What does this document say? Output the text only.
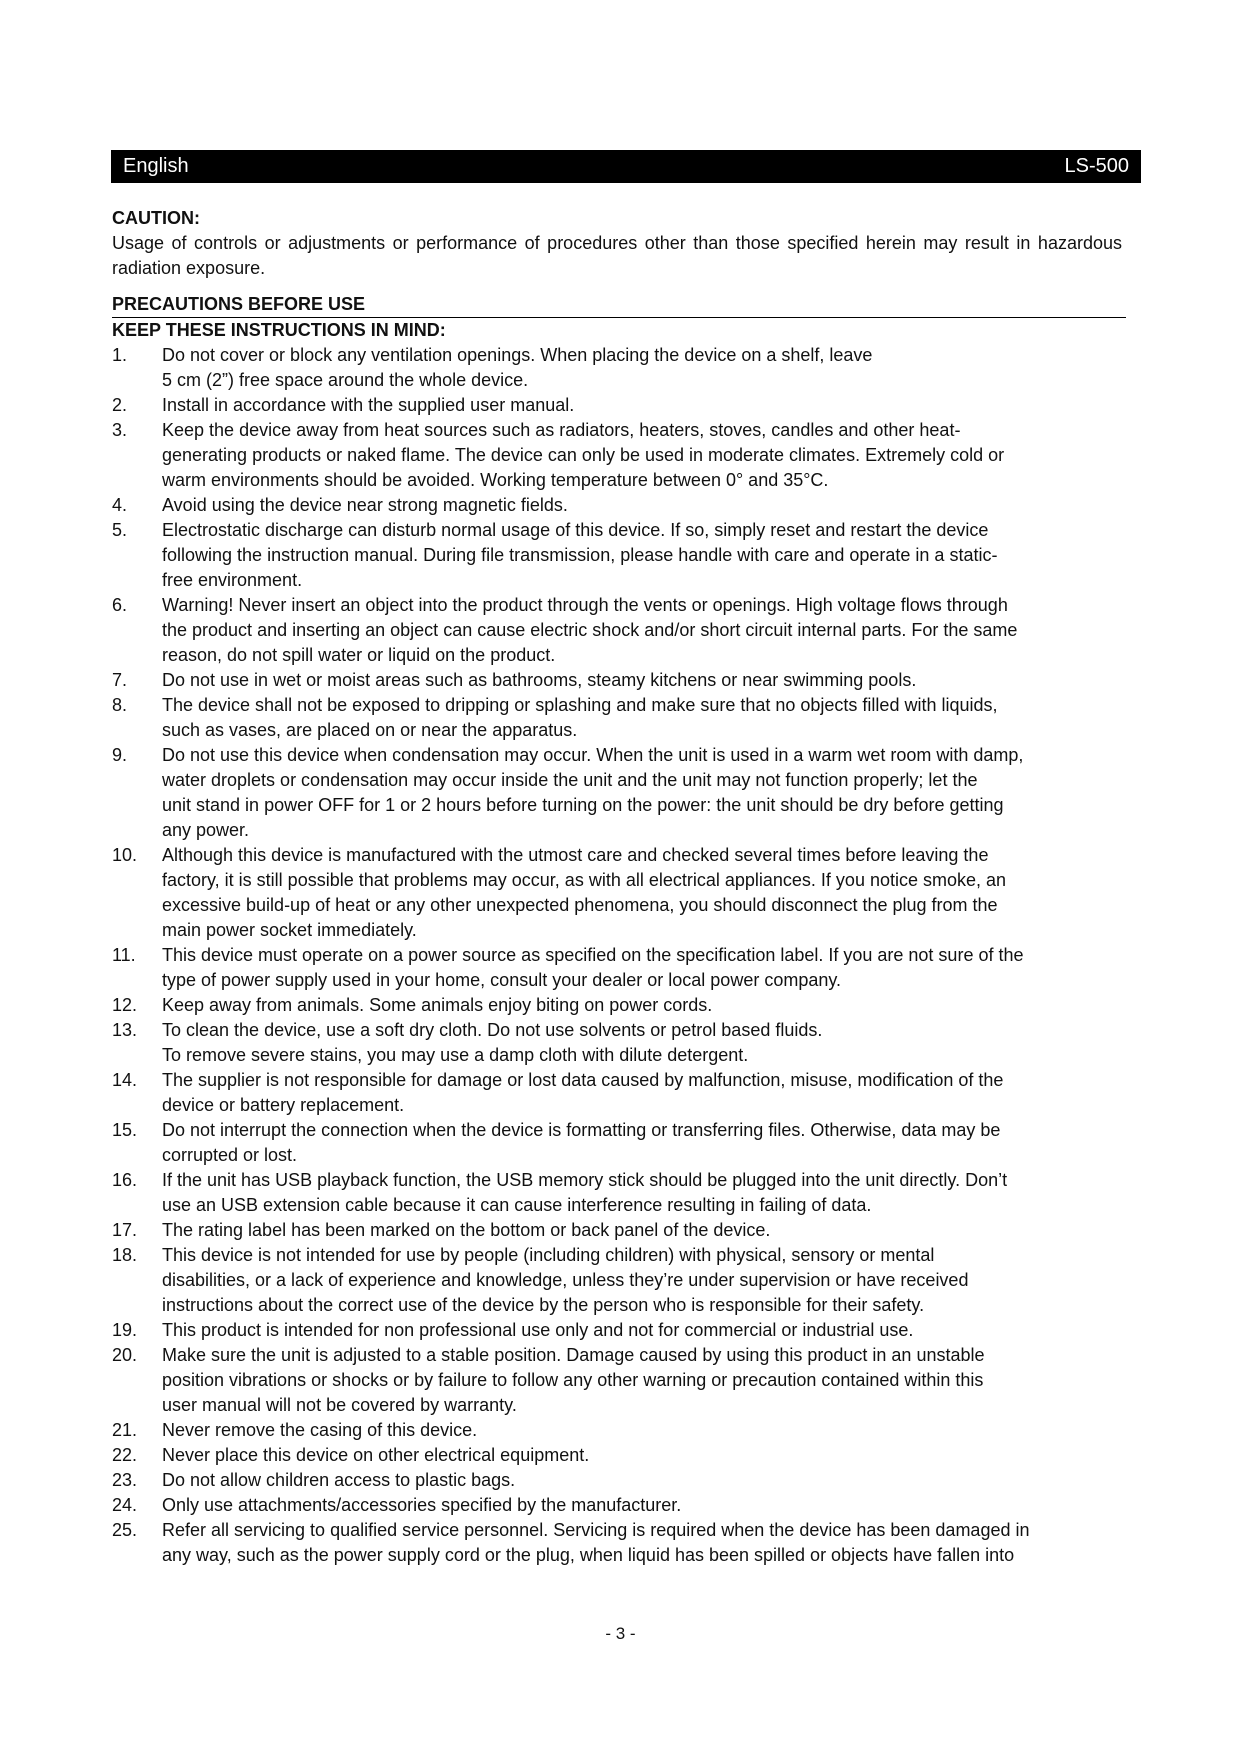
English	LS-500

CAUTION:

Usage of controls or adjustments or performance of procedures other than those specified herein may result in hazardous radiation exposure.

PRECAUTIONS BEFORE USE

KEEP THESE INSTRUCTIONS IN MIND:

1. Do not cover or block any ventilation openings. When placing the device on a shelf, leave
5 cm (2”) free space around the whole device.
2. Install in accordance with the supplied user manual.
3. Keep the device away from heat sources such as radiators, heaters, stoves, candles and other heat-
generating products or naked flame. The device can only be used in moderate climates. Extremely cold or
warm environments should be avoided. Working temperature between 0° and 35°C.
4. Avoid using the device near strong magnetic fields.
5. Electrostatic discharge can disturb normal usage of this device. If so, simply reset and restart the device
following the instruction manual. During file transmission, please handle with care and operate in a static-
free environment.
6. Warning! Never insert an object into the product through the vents or openings. High voltage flows through
the product and inserting an object can cause electric shock and/or short circuit internal parts. For the same
reason, do not spill water or liquid on the product.
7. Do not use in wet or moist areas such as bathrooms, steamy kitchens or near swimming pools.
8. The device shall not be exposed to dripping or splashing and make sure that no objects filled with liquids,
such as vases, are placed on or near the apparatus.
9. Do not use this device when condensation may occur. When the unit is used in a warm wet room with damp,
water droplets or condensation may occur inside the unit and the unit may not function properly; let the
unit stand in power OFF for 1 or 2 hours before turning on the power: the unit should be dry before getting
any power.
10. Although this device is manufactured with the utmost care and checked several times before leaving the
factory, it is still possible that problems may occur, as with all electrical appliances. If you notice smoke, an
excessive build-up of heat or any other unexpected phenomena, you should disconnect the plug from the
main power socket immediately.
11. This device must operate on a power source as specified on the specification label. If you are not sure of the
type of power supply used in your home, consult your dealer or local power company.
12. Keep away from animals. Some animals enjoy biting on power cords.
13. To clean the device, use a soft dry cloth. Do not use solvents or petrol based fluids.
To remove severe stains, you may use a damp cloth with dilute detergent.
14. The supplier is not responsible for damage or lost data caused by malfunction, misuse, modification of the
device or battery replacement.
15. Do not interrupt the connection when the device is formatting or transferring files. Otherwise, data may be
corrupted or lost.
16. If the unit has USB playback function, the USB memory stick should be plugged into the unit directly. Don’t
use an USB extension cable because it can cause interference resulting in failing of data.
17. The rating label has been marked on the bottom or back panel of the device.
18. This device is not intended for use by people (including children) with physical, sensory or mental
disabilities, or a lack of experience and knowledge, unless they’re under supervision or have received
instructions about the correct use of the device by the person who is responsible for their safety.
19. This product is intended for non professional use only and not for commercial or industrial use.
20. Make sure the unit is adjusted to a stable position. Damage caused by using this product in an unstable
position vibrations or shocks or by failure to follow any other warning or precaution contained within this
user manual will not be covered by warranty.
21. Never remove the casing of this device.
22. Never place this device on other electrical equipment.
23. Do not allow children access to plastic bags.
24. Only use attachments/accessories specified by the manufacturer.
25. Refer all servicing to qualified service personnel. Servicing is required when the device has been damaged in
any way, such as the power supply cord or the plug, when liquid has been spilled or objects have fallen into
- 3 -
